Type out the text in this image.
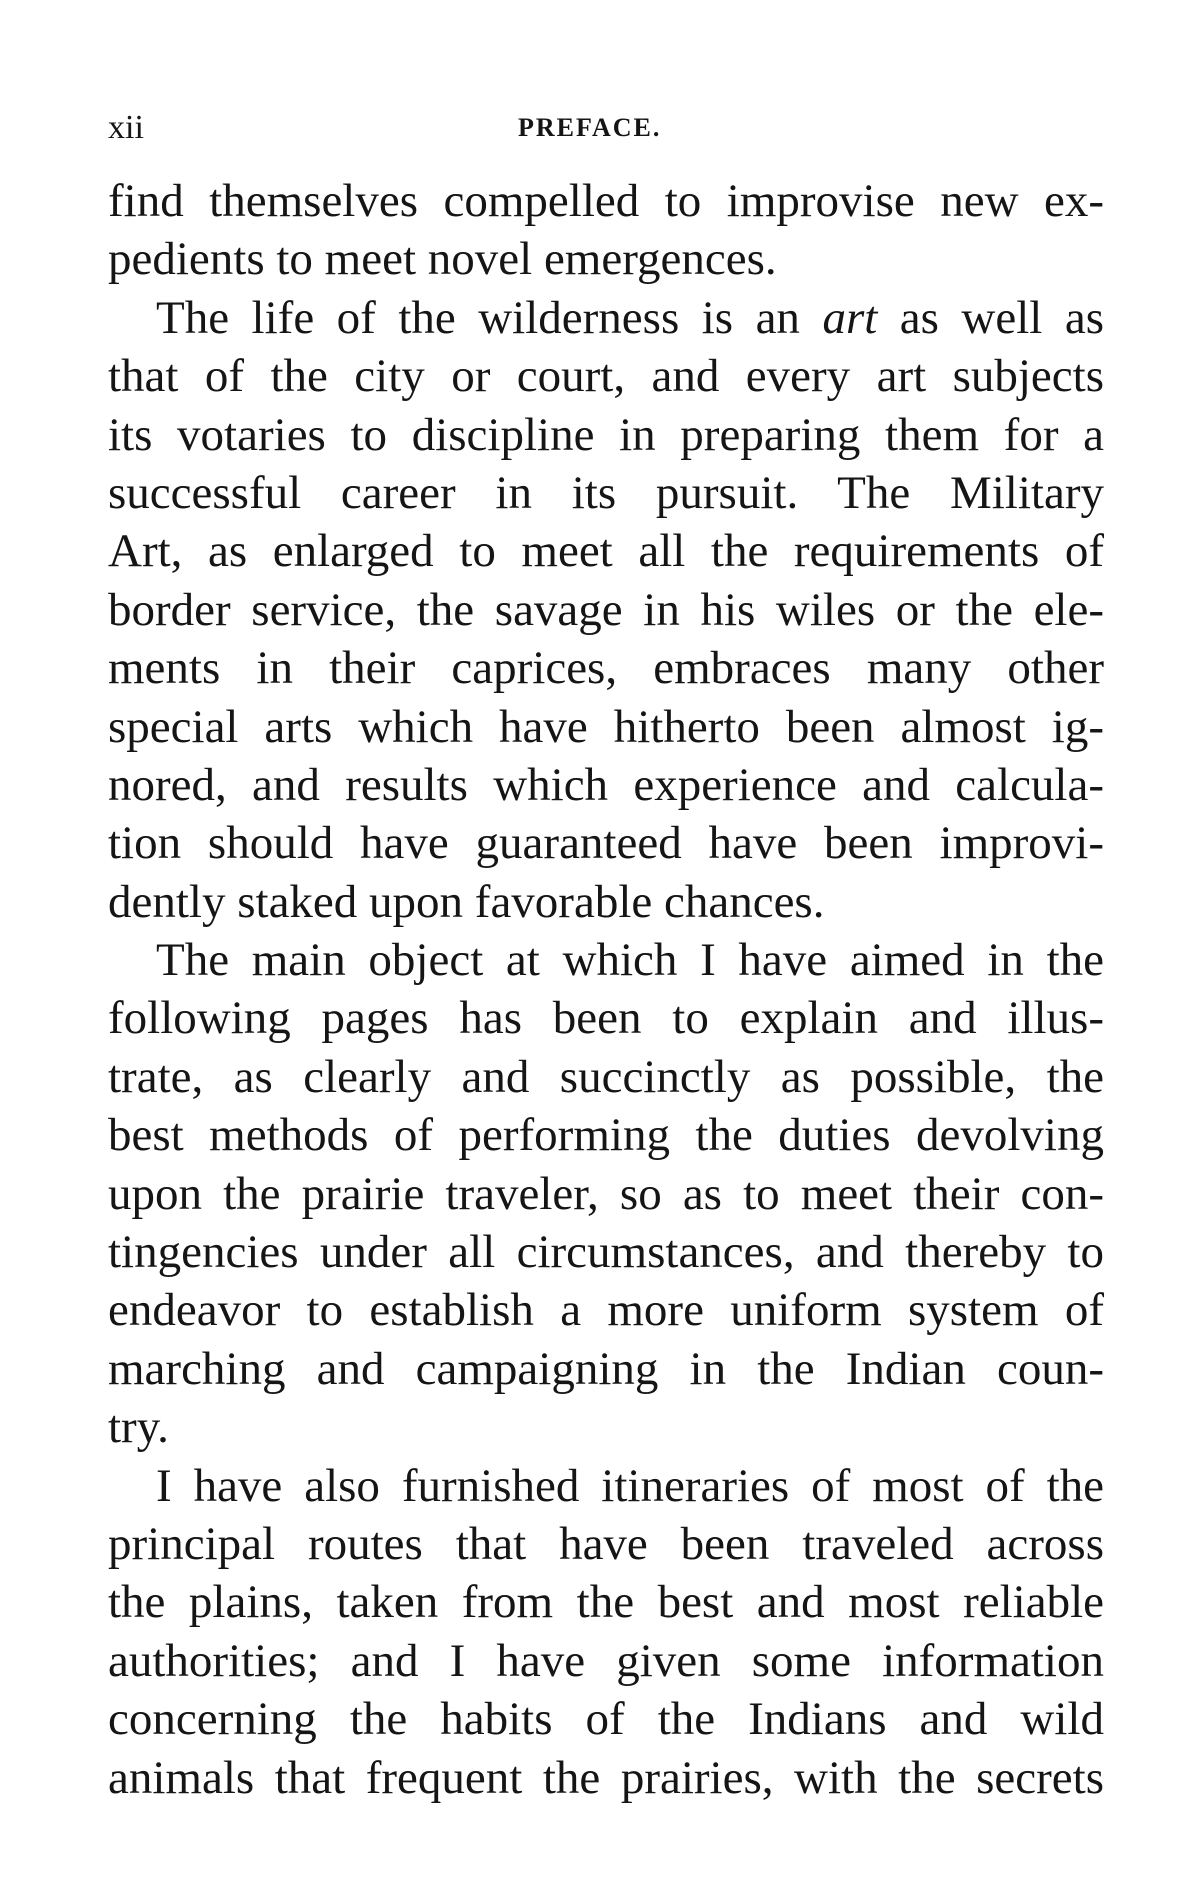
xii	PREFACE.
find themselves compelled to improvise new ex-
pedients to meet novel emergences.
The life of the wilderness is an art as well as
that of the city or court, and every art subjects
its votaries to discipline in preparing them for a
successful career in its pursuit. The Military
Art, as enlarged to meet all the requirements of
border service, the savage in his wiles or the ele-
ments in their caprices, embraces many other
special arts which have hitherto been almost ig-
nored, and results which experience and calcula-
tion should have guaranteed have been improvi-
dently staked upon favorable chances.
The main object at which I have aimed in the
following pages has been to explain and illus-
trate, as clearly and succinctly as possible, the
best methods of performing the duties devolving
upon the prairie traveler, so as to meet their con-
tingencies under all circumstances, and thereby to
endeavor to establish a more uniform system of
marching and campaigning in the Indian coun-
try.
I have also furnished itineraries of most of the
principal routes that have been traveled across
the plains, taken from the best and most reliable
authorities; and I have given some information
concerning the habits of the Indians and wild
animals that frequent the prairies, with the secrets
